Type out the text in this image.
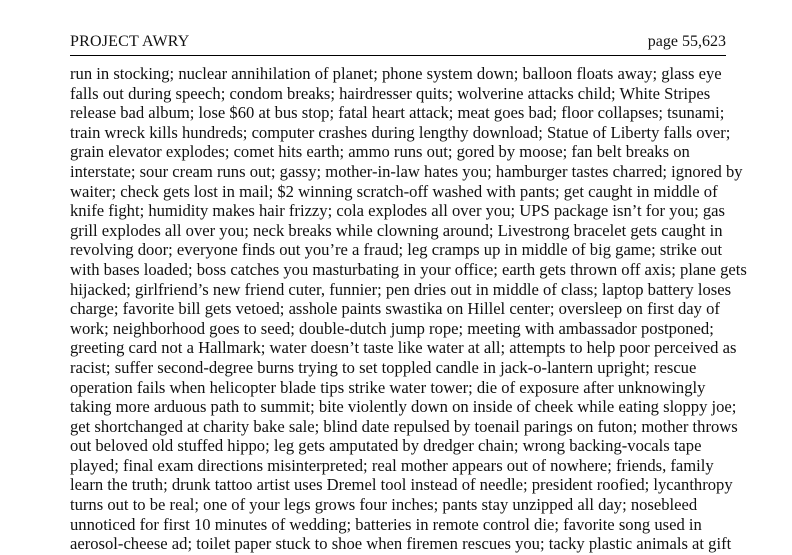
PROJECT AWRY	page 55,623
run in stocking; nuclear annihilation of planet; phone system down; balloon floats away; glass eye
falls out during speech; condom breaks; hairdresser quits; wolverine attacks child; White Stripes
release bad album; lose $60 at bus stop; fatal heart attack; meat goes bad; floor collapses; tsunami;
train wreck kills hundreds; computer crashes during lengthy download; Statue of Liberty falls over;
grain elevator explodes; comet hits earth; ammo runs out; gored by moose; fan belt breaks on
interstate; sour cream runs out; gassy; mother-in-law hates you; hamburger tastes charred; ignored by
waiter; check gets lost in mail; $2 winning scratch-off washed with pants; get caught in middle of
knife fight; humidity makes hair frizzy; cola explodes all over you; UPS package isn’t for you; gas
grill explodes all over you; neck breaks while clowning around; Livestrong bracelet gets caught in
revolving door; everyone finds out you’re a fraud; leg cramps up in middle of big game; strike out
with bases loaded; boss catches you masturbating in your office; earth gets thrown off axis; plane gets
hijacked; girlfriend’s new friend cuter, funnier; pen dries out in middle of class; laptop battery loses
charge; favorite bill gets vetoed; asshole paints swastika on Hillel center; oversleep on first day of
work; neighborhood goes to seed; double-dutch jump rope; meeting with ambassador postponed;
greeting card not a Hallmark; water doesn’t taste like water at all; attempts to help poor perceived as
racist; suffer second-degree burns trying to set toppled candle in jack-o-lantern upright; rescue
operation fails when helicopter blade tips strike water tower; die of exposure after unknowingly
taking more arduous path to summit; bite violently down on inside of cheek while eating sloppy joe;
get shortchanged at charity bake sale; blind date repulsed by toenail parings on futon; mother throws
out beloved old stuffed hippo; leg gets amputated by dredger chain; wrong backing-vocals tape
played; final exam directions misinterpreted; real mother appears out of nowhere; friends, family
learn the truth; drunk tattoo artist uses Dremel tool instead of needle; president roofied; lycanthropy
turns out to be real; one of your legs grows four inches; pants stay unzipped all day; nosebleed
unnoticed for first 10 minutes of wedding; batteries in remote control die; favorite song used in
aerosol-cheese ad; toilet paper stuck to shoe when firemen rescues you; tacky plastic animals at gift
